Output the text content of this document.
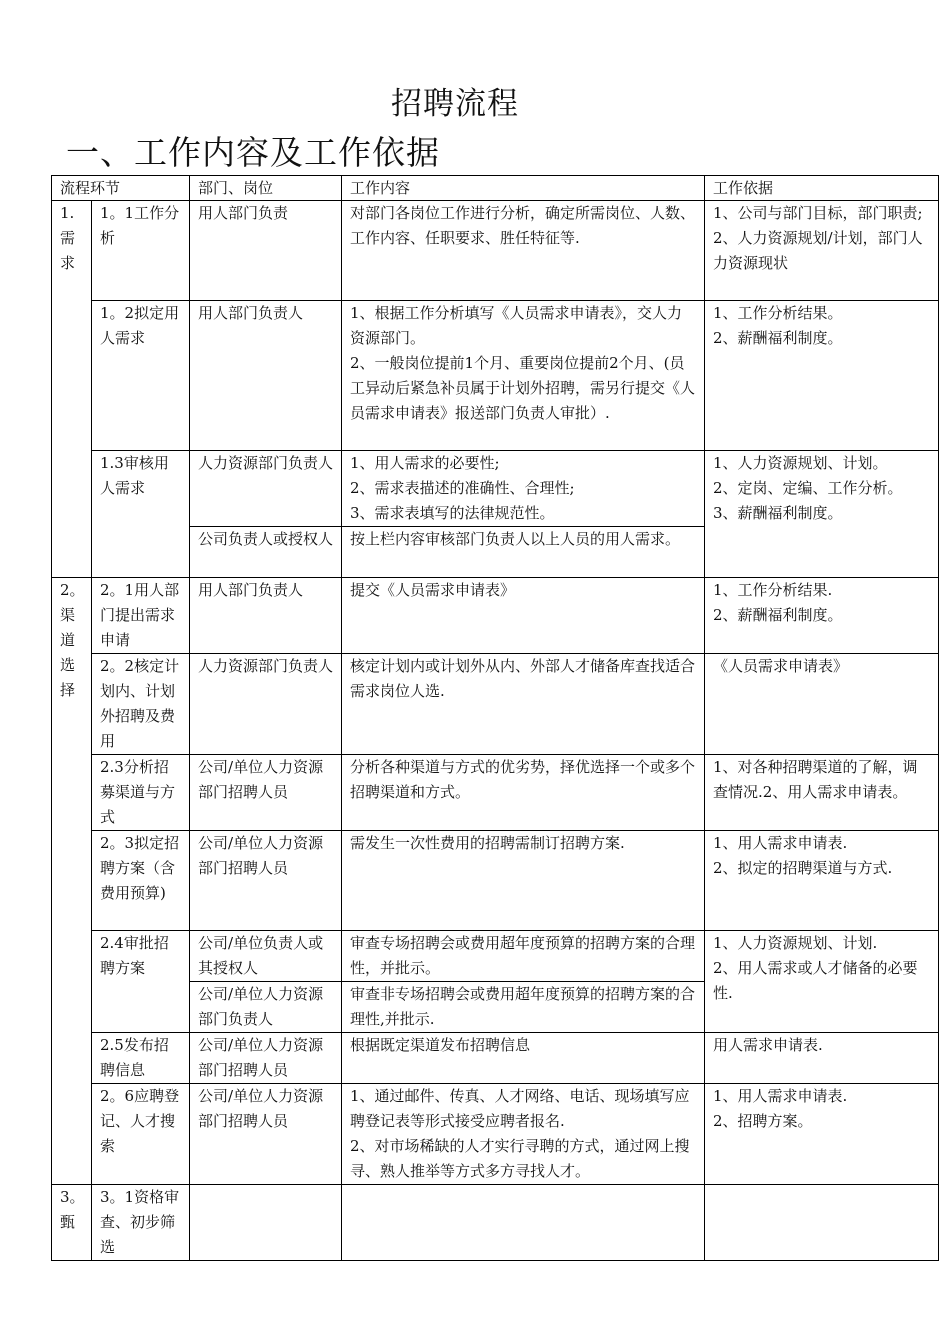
招聘流程
一、工作内容及工作依据
流程环节		部门、岗位	工作内容	工作依据
1.需求	1。1工作分析	用人部门负责	对部门各岗位工作进行分析，确定所需岗位、人数、工作内容、任职要求、胜任特征等.	1、公司与部门目标，部门职责;
2、人力资源规划/计划，部门人力资源现状

	1。2拟定用人需求	用人部门负责人	1、根据工作分析填写《人员需求申请表》，交人力资源部门。
2、一般岗位提前1个月、重要岗位提前2个月、(员工异动后紧急补员属于计划外招聘，需另行提交《人员需求申请表》报送部门负责人审批）.	1、工作分析结果。
2、薪酬福利制度。

	1.3审核用人需求	人力资源部门负责人	1、用人需求的必要性;
2、需求表描述的准确性、合理性;
3、需求表填写的法律规范性。	1、人力资源规划、计划。
2、定岗、定编、工作分析。
3、薪酬福利制度。

		公司负责人或授权人	按上栏内容审核部门负责人以上人员的用人需求。	

2。渠道选择	2。1用人部门提出需求申请	用人部门负责人	提交《人员需求申请表》	1、工作分析结果.
2、薪酬福利制度。

	2。2核定计划内、计划外招聘及费用	人力资源部门负责人	核定计划内或计划外从内、外部人才储备库查找适合需求岗位人选.	《人员需求申请表》

	2.3分析招募渠道与方式	公司/单位人力资源部门招聘人员	分析各种渠道与方式的优劣势，择优选择一个或多个招聘渠道和方式。	1、对各种招聘渠道的了解，调查情况.2、用人需求申请表。

	2。3拟定招聘方案（含费用预算)	公司/单位人力资源部门招聘人员	需发生一次性费用的招聘需制订招聘方案.	1、用人需求申请表.
2、拟定的招聘渠道与方式.

	2.4审批招聘方案	公司/单位负责人或其授权人	审查专场招聘会或费用超年度预算的招聘方案的合理性，并批示。	1、人力资源规划、计划.
2、用人需求或人才储备的必要性.

		公司/单位人力资源部门负责人	审查非专场招聘会或费用超年度预算的招聘方案的合理性,并批示.	

	2.5发布招聘信息	公司/单位人力资源部门招聘人员	根据既定渠道发布招聘信息	用人需求申请表.

	2。6应聘登记、人才搜索	公司/单位人力资源部门招聘人员	1、通过邮件、传真、人才网络、电话、现场填写应聘登记表等形式接受应聘者报名.
2、对市场稀缺的人才实行寻聘的方式，通过网上搜寻、熟人推举等方式多方寻找人才。	1、用人需求申请表.
2、招聘方案。

3。甄	3。1资格审查、初步筛选			
